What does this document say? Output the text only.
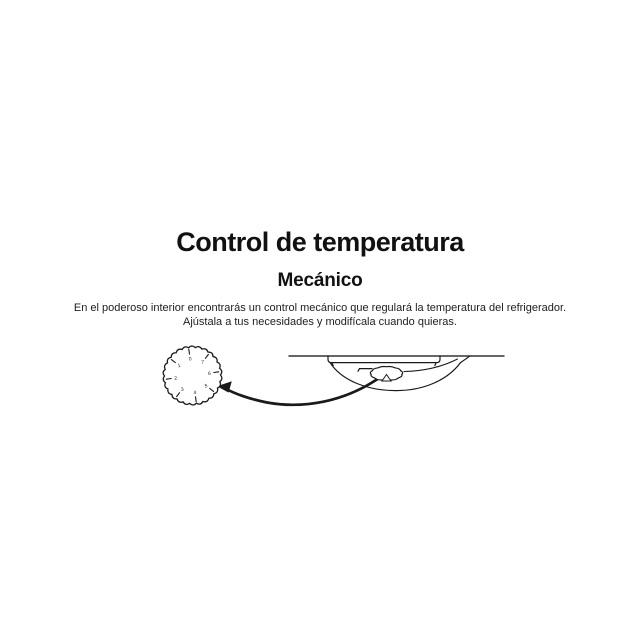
Control de temperatura
Mecánico

En el poderoso interior encontrarás un control mecánico que regulará la temperatura del refrigerador.
Ajústala a tus necesidades y modifícala cuando quieras.

0
7
6
5
4
3
2
1
